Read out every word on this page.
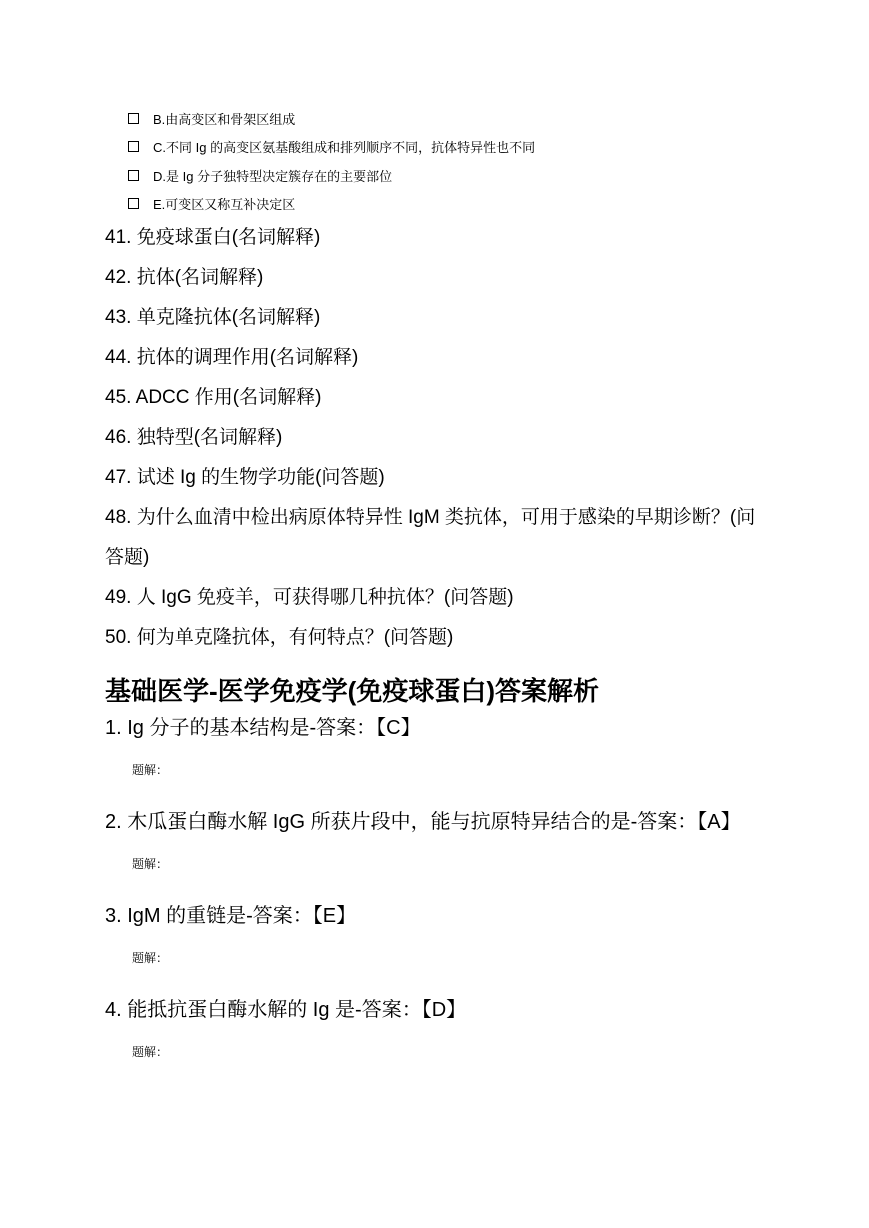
B.由高变区和骨架区组成
C.不同 Ig 的高变区氨基酸组成和排列顺序不同，抗体特异性也不同
D.是 Ig 分子独特型决定簇存在的主要部位
E.可变区又称互补决定区

41. 免疫球蛋白(名词解释)

42. 抗体(名词解释)

43. 单克隆抗体(名词解释)

44. 抗体的调理作用(名词解释)

45. ADCC 作用(名词解释)

46. 独特型(名词解释)

47. 试述 Ig 的生物学功能(问答题)

48. 为什么血清中检出病原体特异性 IgM 类抗体，可用于感染的早期诊断？(问答题)

49. 人 IgG 免疫羊，可获得哪几种抗体？(问答题)

50. 何为单克隆抗体，有何特点？(问答题)

基础医学-医学免疫学(免疫球蛋白)答案解析

1. Ig 分子的基本结构是-答案：【C】

题解：

2. 木瓜蛋白酶水解 IgG 所获片段中，能与抗原特异结合的是-答案：【A】

题解：

3. IgM 的重链是-答案：【E】

题解：

4. 能抵抗蛋白酶水解的 Ig 是-答案：【D】

题解：
